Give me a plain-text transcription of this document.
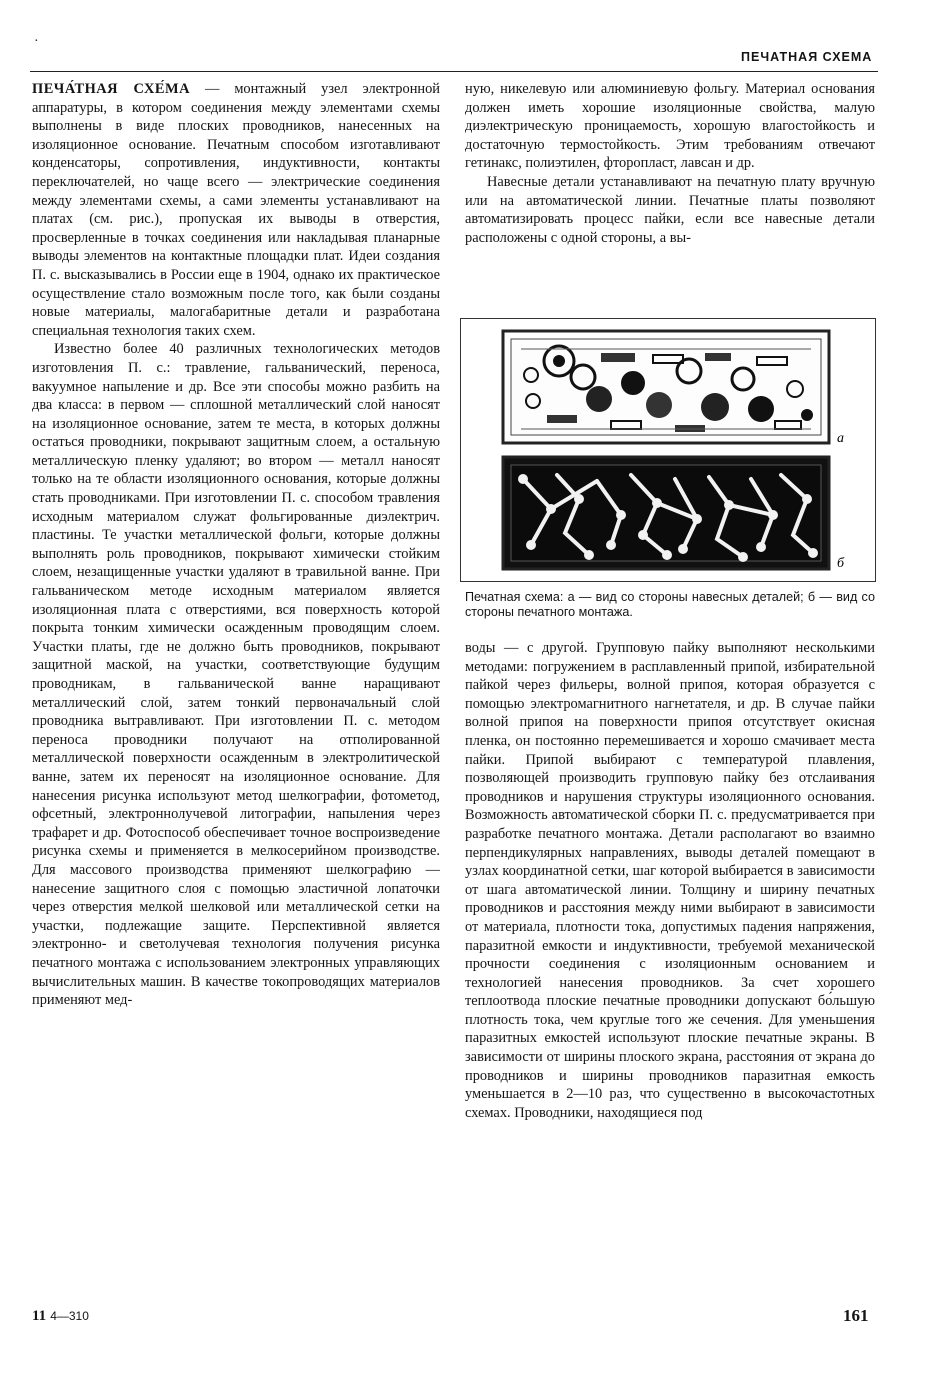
·
ПЕЧАТНАЯ СХЕМА

ПЕЧА́ТНАЯ СХЕ́МА — монтажный узел электронной аппаратуры, в котором соединения между элементами схемы выполнены в виде плоских проводников, нанесенных на изоляционное основание. Печатным способом изготавливают конденсаторы, сопротивления, индуктивности, контакты переключателей, но чаще всего — электрические соединения между элементами схемы, а сами элементы устанавливают на платах (см. рис.), пропуская их выводы в отверстия, просверленные в точках соединения или накладывая планарные выводы элементов на контактные площадки плат. Идеи создания П. с. высказывались в России еще в 1904, однако их практическое осуществление стало возможным после того, как были созданы новые материалы, малогабаритные детали и разработана специальная технология таких схем.

Известно более 40 различных технологических методов изготовления П. с.: травление, гальванический, переноса, вакуумное напыление и др. Все эти способы можно разбить на два класса: в первом — сплошной металлический слой наносят на изоляционное основание, затем те места, в которых должны остаться проводники, покрывают защитным слоем, а остальную металлическую пленку удаляют; во втором — металл наносят только на те области изоляционного основания, которые должны стать проводниками. При изготовлении П. с. способом травления исходным материалом служат фольгированные диэлектрич. пластины. Те участки металлической фольги, которые должны выполнять роль проводников, покрывают химически стойким слоем, незащищенные участки удаляют в травильной ванне. При гальваническом методе исходным материалом является изоляционная плата с отверстиями, вся поверхность которой покрыта тонким химически осажденным проводящим слоем. Участки платы, где не должно быть проводников, покрывают защитной маской, на участки, соответствующие будущим проводникам, в гальванической ванне наращивают металлический слой, затем тонкий первоначальный слой проводника вытравливают. При изготовлении П. с. методом переноса проводники получают на отполированной металлической поверхности осажденным в электролитической ванне, затем их переносят на изоляционное основание. Для нанесения рисунка используют метод шелкографии, фотометод, офсетный, электроннолучевой литографии, напыления через трафарет и др. Фотоспособ обеспечивает точное воспроизведение рисунка схемы и применяется в мелкосерийном производстве. Для массового производства применяют шелкографию — нанесение защитного слоя с помощью эластичной лопаточки через отверстия мелкой шелковой или металлической сетки на участки, подлежащие защите. Перспективной является электронно- и светолучевая технология получения рисунка печатного монтажа с использованием электронных управляющих вычислительных машин. В качестве токопроводящих материалов применяют мед-

ную, никелевую или алюминиевую фольгу. Материал основания должен иметь хорошие изоляционные свойства, малую диэлектрическую проницаемость, хорошую влагостойкость и достаточную термостойкость. Этим требованиям отвечают гетинакс, полиэтилен, фторопласт, лавсан и др.

Навесные детали устанавливают на печатную плату вручную или на автоматической линии. Печатные платы позволяют автоматизировать процесс пайки, если все навесные детали расположены с одной стороны, а вы-

а
б
Печатная схема: а — вид со стороны навесных деталей; б — вид со стороны печатного монтажа.

воды — с другой. Групповую пайку выполняют несколькими методами: погружением в расплавленный припой, избирательной пайкой через фильеры, волной припоя, которая образуется с помощью электромагнитного нагнетателя, и др. В случае пайки волной припоя на поверхности припоя отсутствует окисная пленка, он постоянно перемешивается и хорошо смачивает места пайки. Припой выбирают с температурой плавления, позволяющей производить групповую пайку без отслаивания проводников и нарушения структуры изоляционного основания. Возможность автоматической сборки П. с. предусматривается при разработке печатного монтажа. Детали располагают во взаимно перпендикулярных направлениях, выводы деталей помещают в узлах координатной сетки, шаг которой выбирается в зависимости от шага автоматической линии. Толщину и ширину печатных проводников и расстояния между ними выбирают в зависимости от материала, плотности тока, допустимых падения напряжения, паразитной емкости и индуктивности, требуемой механической прочности соединения с изоляционным основанием и технологией нанесения проводников. За счет хорошего теплоотвода плоские печатные проводники допускают бо́льшую плотность тока, чем круглые того же сечения. Для уменьшения паразитных емкостей используют плоские печатные экраны. В зависимости от ширины плоского экрана, расстояния от экрана до проводников и ширины проводников паразитная емкость уменьшается в 2—10 раз, что существенно в высокочастотных схемах. Проводники, находящиеся под

11 4—310	161
